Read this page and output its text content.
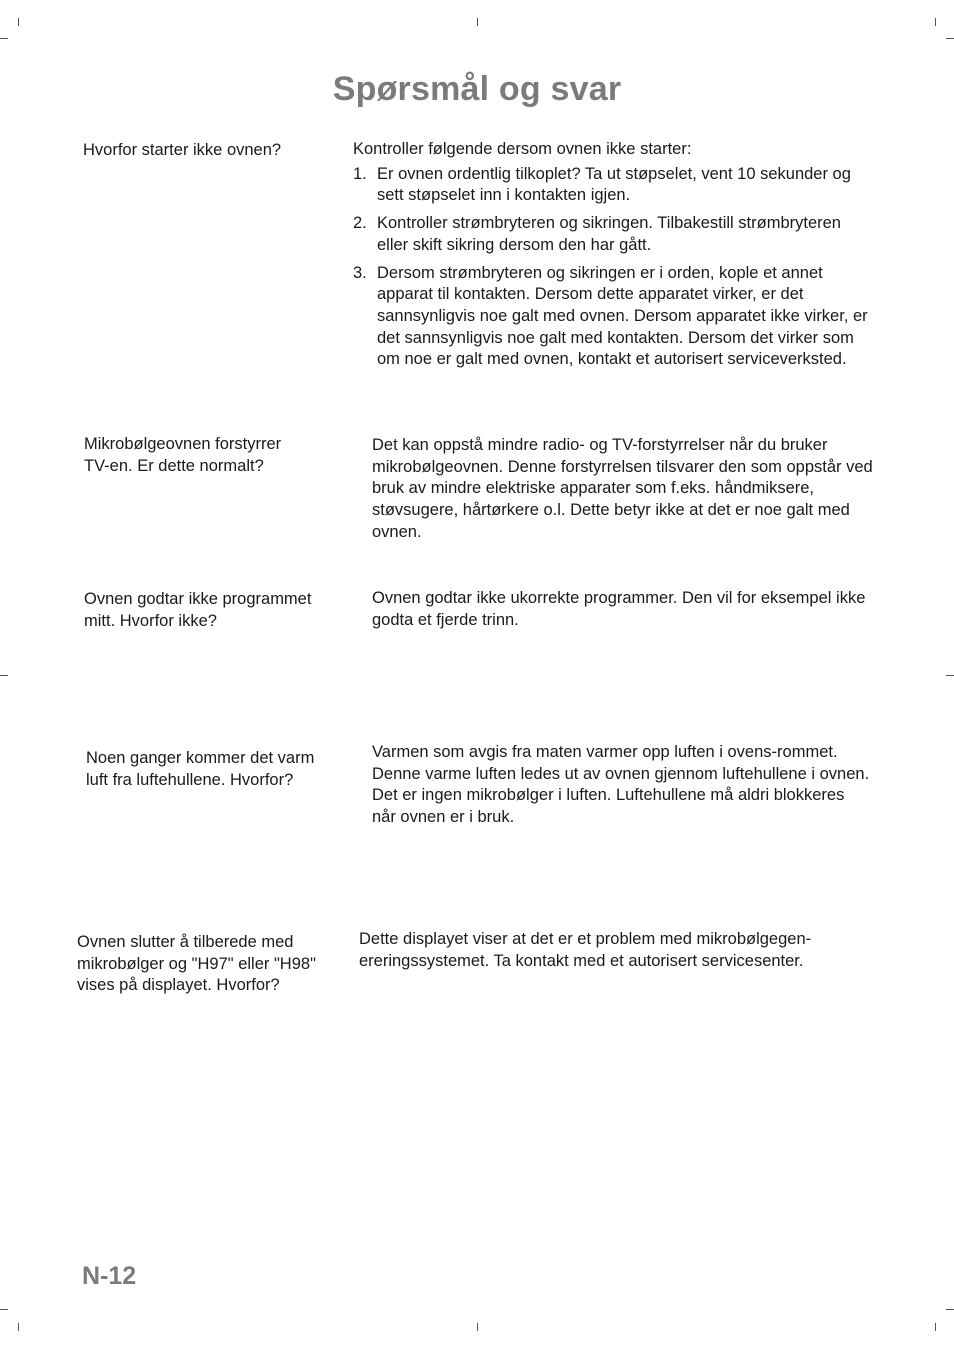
Spørsmål og svar
Hvorfor starter ikke ovnen?	Kontroller følgende dersom ovnen ikke starter:

1. Er ovnen ordentlig tilkoplet? Ta ut støpselet, vent 10 sekunder og sett støpselet inn i kontakten igjen.
2. Kontroller strømbryteren og sikringen. Tilbakestill strømbryteren eller skift sikring dersom den har gått.
3. Dersom strømbryteren og sikringen er i orden, kople et annet apparat til kontakten. Dersom dette apparatet virker, er det sannsynligvis noe galt med ovnen. Dersom apparatet ikke virker, er det sannsynligvis noe galt med kontakten. Dersom det virker som om noe er galt med ovnen, kontakt et autorisert serviceverksted.
Mikrobølgeovnen forstyrrer TV-en. Er dette normalt?
Det kan oppstå mindre radio- og TV-forstyrrelser når du bruker mikrobølgeovnen. Denne forstyrrelsen tilsvarer den som oppstår ved bruk av mindre elektriske apparater som f.eks. håndmiksere, støvsugere, hårtørkere o.l. Dette betyr ikke at det er noe galt med ovnen.
Ovnen godtar ikke programmet mitt. Hvorfor ikke?
Ovnen godtar ikke ukorrekte programmer. Den vil for eksempel ikke godta et fjerde trinn.
Noen ganger kommer det varm luft fra luftehullene. Hvorfor?
Varmen som avgis fra maten varmer opp luften i ovens-rommet. Denne varme luften ledes ut av ovnen gjennom luftehullene i ovnen. Det er ingen mikrobølger i luften. Luftehullene må aldri blokkeres når ovnen er i bruk.
Ovnen slutter å tilberede med mikrobølger og "H97" eller "H98" vises på displayet. Hvorfor?
Dette displayet viser at det er et problem med mikrobølgegen-ereringssystemet. Ta kontakt med et autorisert servicesenter.
N-12
